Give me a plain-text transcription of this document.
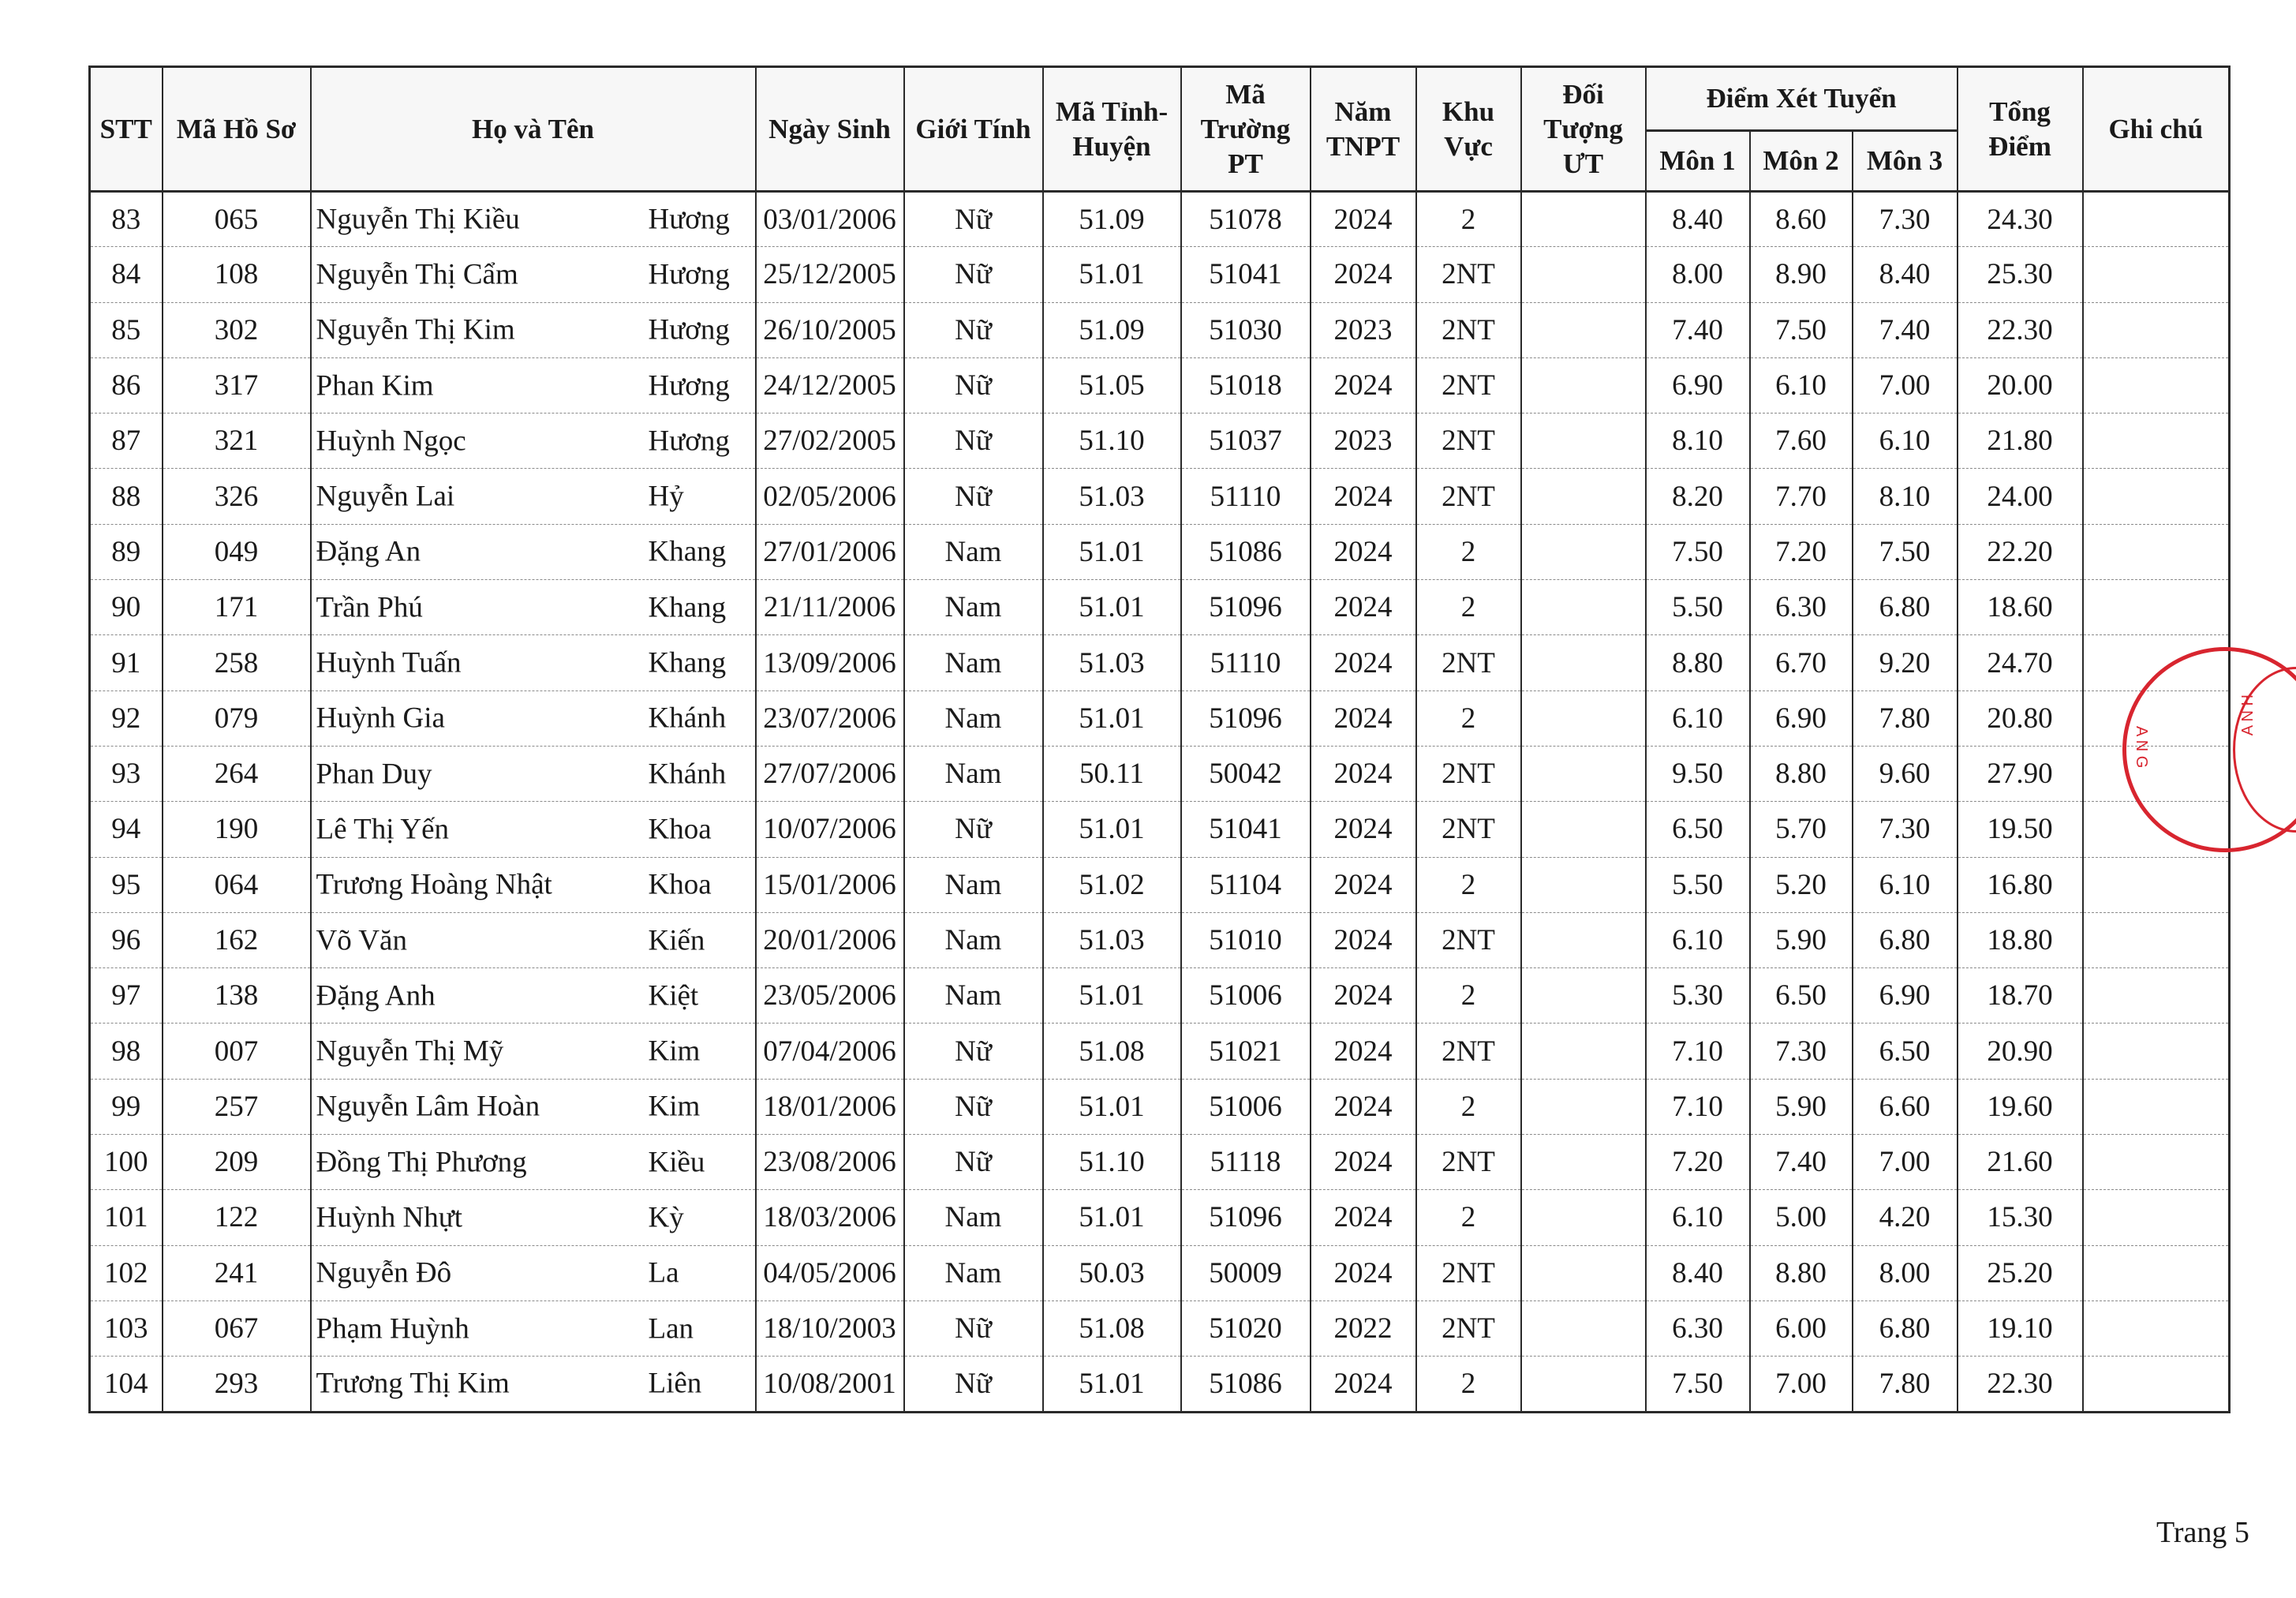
STT	Mã Hồ Sơ	Họ và Tên	Ngày Sinh	Giới Tính	Mã Tỉnh-Huyện	Mã Trường PT	Năm TNPT	Khu Vực	Đối Tượng ƯT	Điểm Xét Tuyển			Tổng Điểm	Ghi chú
										Môn 1	Môn 2	Môn 3		
83	065	Nguyễn Thị Kiều Hương	03/01/2006	Nữ	51.09	51078	2024	2		8.40	8.60	7.30	24.30	
84	108	Nguyễn Thị Cẩm Hương	25/12/2005	Nữ	51.01	51041	2024	2NT		8.00	8.90	8.40	25.30	
85	302	Nguyễn Thị Kim Hương	26/10/2005	Nữ	51.09	51030	2023	2NT		7.40	7.50	7.40	22.30	
86	317	Phan Kim Hương	24/12/2005	Nữ	51.05	51018	2024	2NT		6.90	6.10	7.00	20.00	
87	321	Huỳnh Ngọc Hương	27/02/2005	Nữ	51.10	51037	2023	2NT		8.10	7.60	6.10	21.80	
88	326	Nguyễn Lai Hỷ	02/05/2006	Nữ	51.03	51110	2024	2NT		8.20	7.70	8.10	24.00	
89	049	Đặng An Khang	27/01/2006	Nam	51.01	51086	2024	2		7.50	7.20	7.50	22.20	
90	171	Trần Phú Khang	21/11/2006	Nam	51.01	51096	2024	2		5.50	6.30	6.80	18.60	
91	258	Huỳnh Tuấn Khang	13/09/2006	Nam	51.03	51110	2024	2NT		8.80	6.70	9.20	24.70	
92	079	Huỳnh Gia Khánh	23/07/2006	Nam	51.01	51096	2024	2		6.10	6.90	7.80	20.80	
93	264	Phan Duy Khánh	27/07/2006	Nam	50.11	50042	2024	2NT		9.50	8.80	9.60	27.90	
94	190	Lê Thị Yến Khoa	10/07/2006	Nữ	51.01	51041	2024	2NT		6.50	5.70	7.30	19.50	
95	064	Trương Hoàng Nhật Khoa	15/01/2006	Nam	51.02	51104	2024	2		5.50	5.20	6.10	16.80	
96	162	Võ Văn Kiến	20/01/2006	Nam	51.03	51010	2024	2NT		6.10	5.90	6.80	18.80	
97	138	Đặng Anh Kiệt	23/05/2006	Nam	51.01	51006	2024	2		5.30	6.50	6.90	18.70	
98	007	Nguyễn Thị Mỹ Kim	07/04/2006	Nữ	51.08	51021	2024	2NT		7.10	7.30	6.50	20.90	
99	257	Nguyễn Lâm Hoàn Kim	18/01/2006	Nữ	51.01	51006	2024	2		7.10	5.90	6.60	19.60	
100	209	Đồng Thị Phương Kiều	23/08/2006	Nữ	51.10	51118	2024	2NT		7.20	7.40	7.00	21.60	
101	122	Huỳnh Nhựt Kỳ	18/03/2006	Nam	51.01	51096	2024	2		6.10	5.00	4.20	15.30	
102	241	Nguyễn Đô La	04/05/2006	Nam	50.03	50009	2024	2NT		8.40	8.80	8.00	25.20	
103	067	Phạm Huỳnh Lan	18/10/2003	Nữ	51.08	51020	2022	2NT		6.30	6.00	6.80	19.10	
104	293	Trương Thị Kim Liên	10/08/2001	Nữ	51.01	51086	2024	2		7.50	7.00	7.80	22.30	
A N G
A N H
Trang 5
